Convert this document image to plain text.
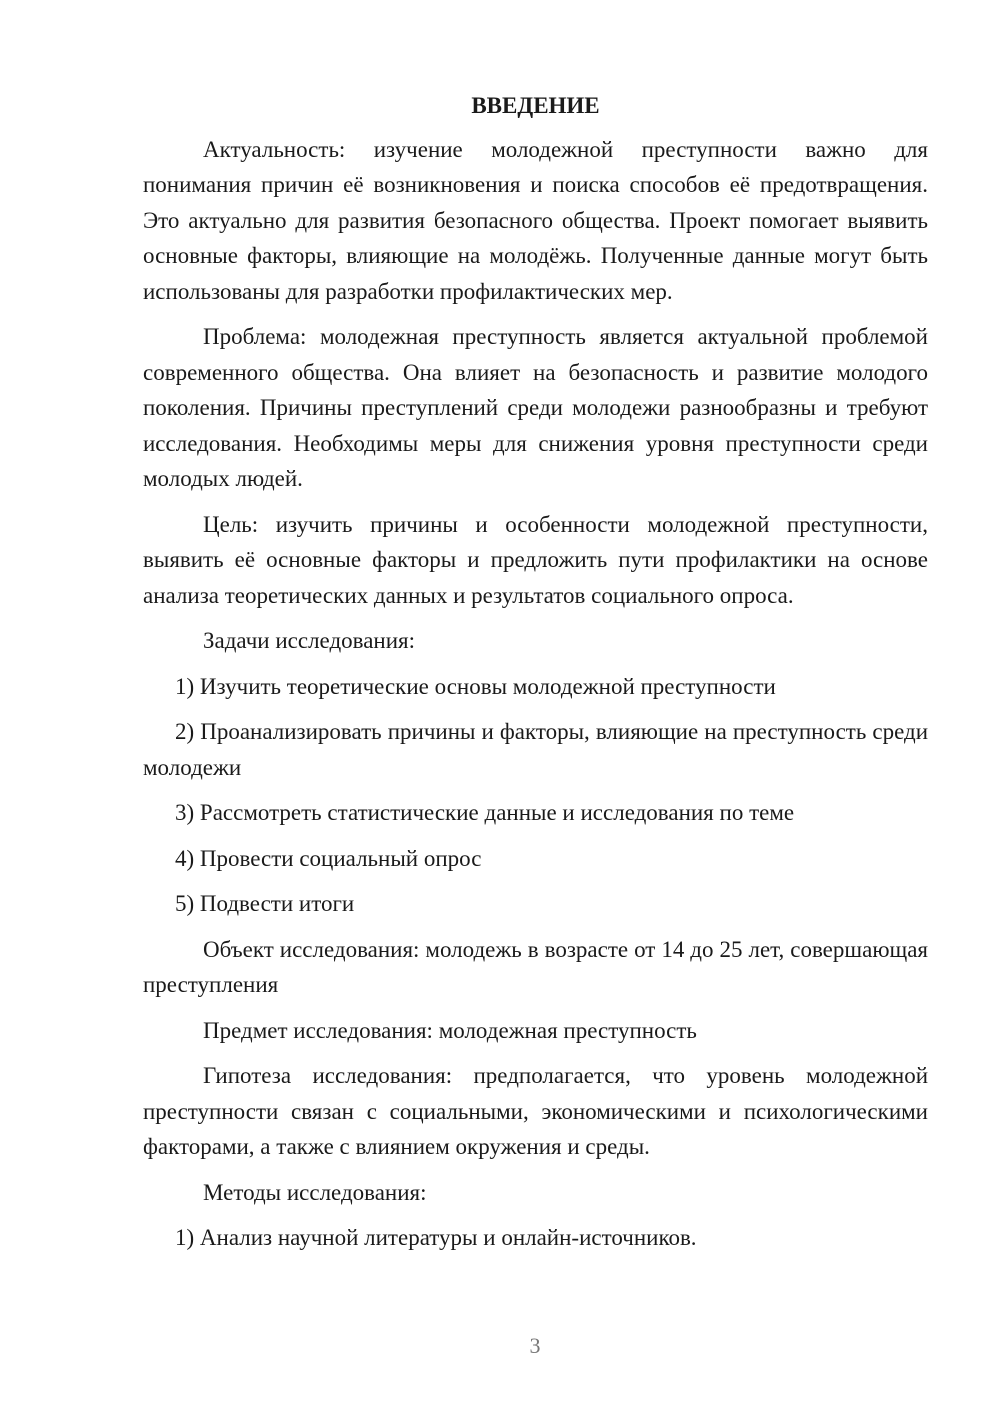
ВВЕДЕНИЕ

Актуальность: изучение молодежной преступности важно для понимания причин её возникновения и поиска способов её предотвращения. Это актуально для развития безопасного общества. Проект помогает выявить основные факторы, влияющие на молодёжь. Полученные данные могут быть использованы для разработки профилактических мер.

Проблема: молодежная преступность является актуальной проблемой современного общества. Она влияет на безопасность и развитие молодого поколения. Причины преступлений среди молодежи разнообразны и требуют исследования. Необходимы меры для снижения уровня преступности среди молодых людей.

Цель: изучить причины и особенности молодежной преступности, выявить её основные факторы и предложить пути профилактики на основе анализа теоретических данных и результатов социального опроса.

Задачи исследования:

1) Изучить теоретические основы молодежной преступности

2) Проанализировать причины и факторы, влияющие на преступность среди молодежи

3) Рассмотреть статистические данные и исследования по теме

4) Провести социальный опрос

5) Подвести итоги

Объект исследования: молодежь в возрасте от 14 до 25 лет, совершающая преступления

Предмет исследования: молодежная преступность

Гипотеза исследования: предполагается, что уровень молодежной преступности связан с социальными, экономическими и психологическими факторами, а также с влиянием окружения и среды.

Методы исследования:

1) Анализ научной литературы и онлайн-источников.

3
